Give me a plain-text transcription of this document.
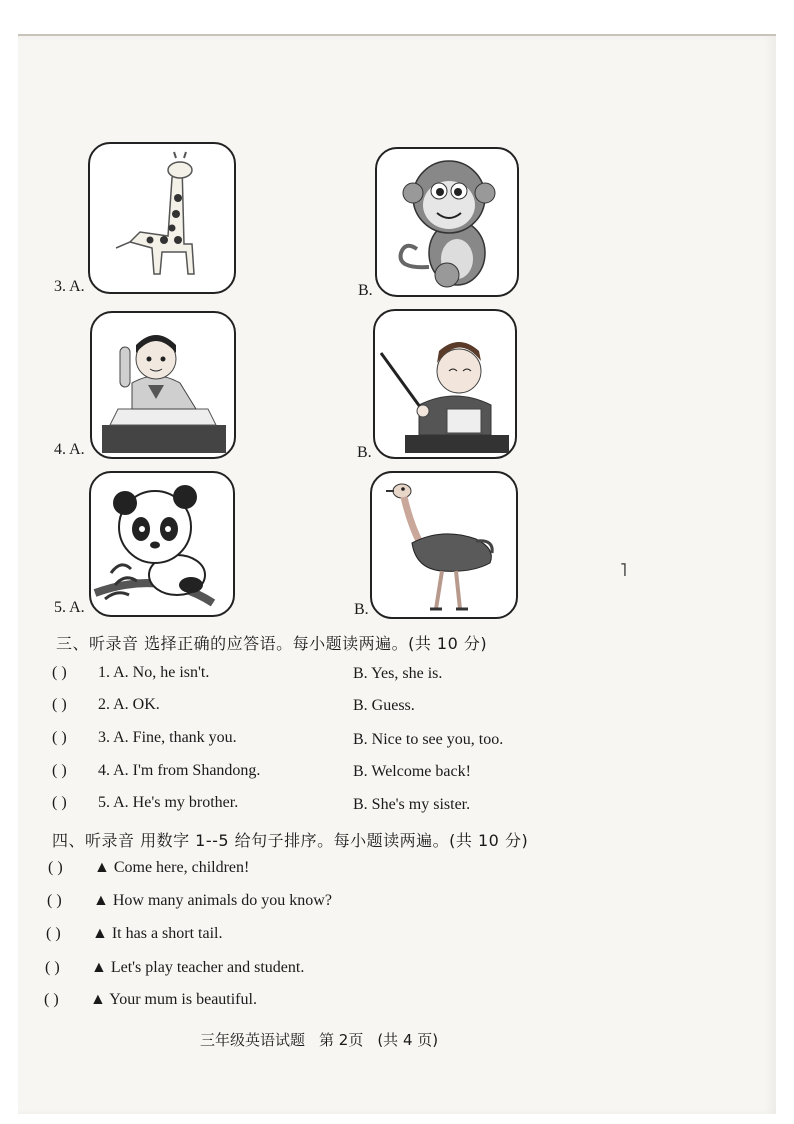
3. A.	B.
4. A.	B.
5. A.	B.
˥
三、听录音 选择正确的应答语。每小题读两遍。(共 10 分)
( ) 1. A. No, he isn't.	B. Yes, she is.
( ) 2. A. OK.	B. Guess.
( ) 3. A. Fine, thank you.	B. Nice to see you, too.
( ) 4. A. I'm from Shandong.	B. Welcome back!
( ) 5. A. He's my brother.	B. She's my sister.
四、听录音 用数字 1--5 给句子排序。每小题读两遍。(共 10 分)
( ) ▲ Come here, children!
( ) ▲ How many animals do you know?
( ) ▲ It has a short tail.
( ) ▲ Let's play teacher and student.
( ) ▲ Your mum is beautiful.
三年级英语试题 第 2页 (共 4 页)
